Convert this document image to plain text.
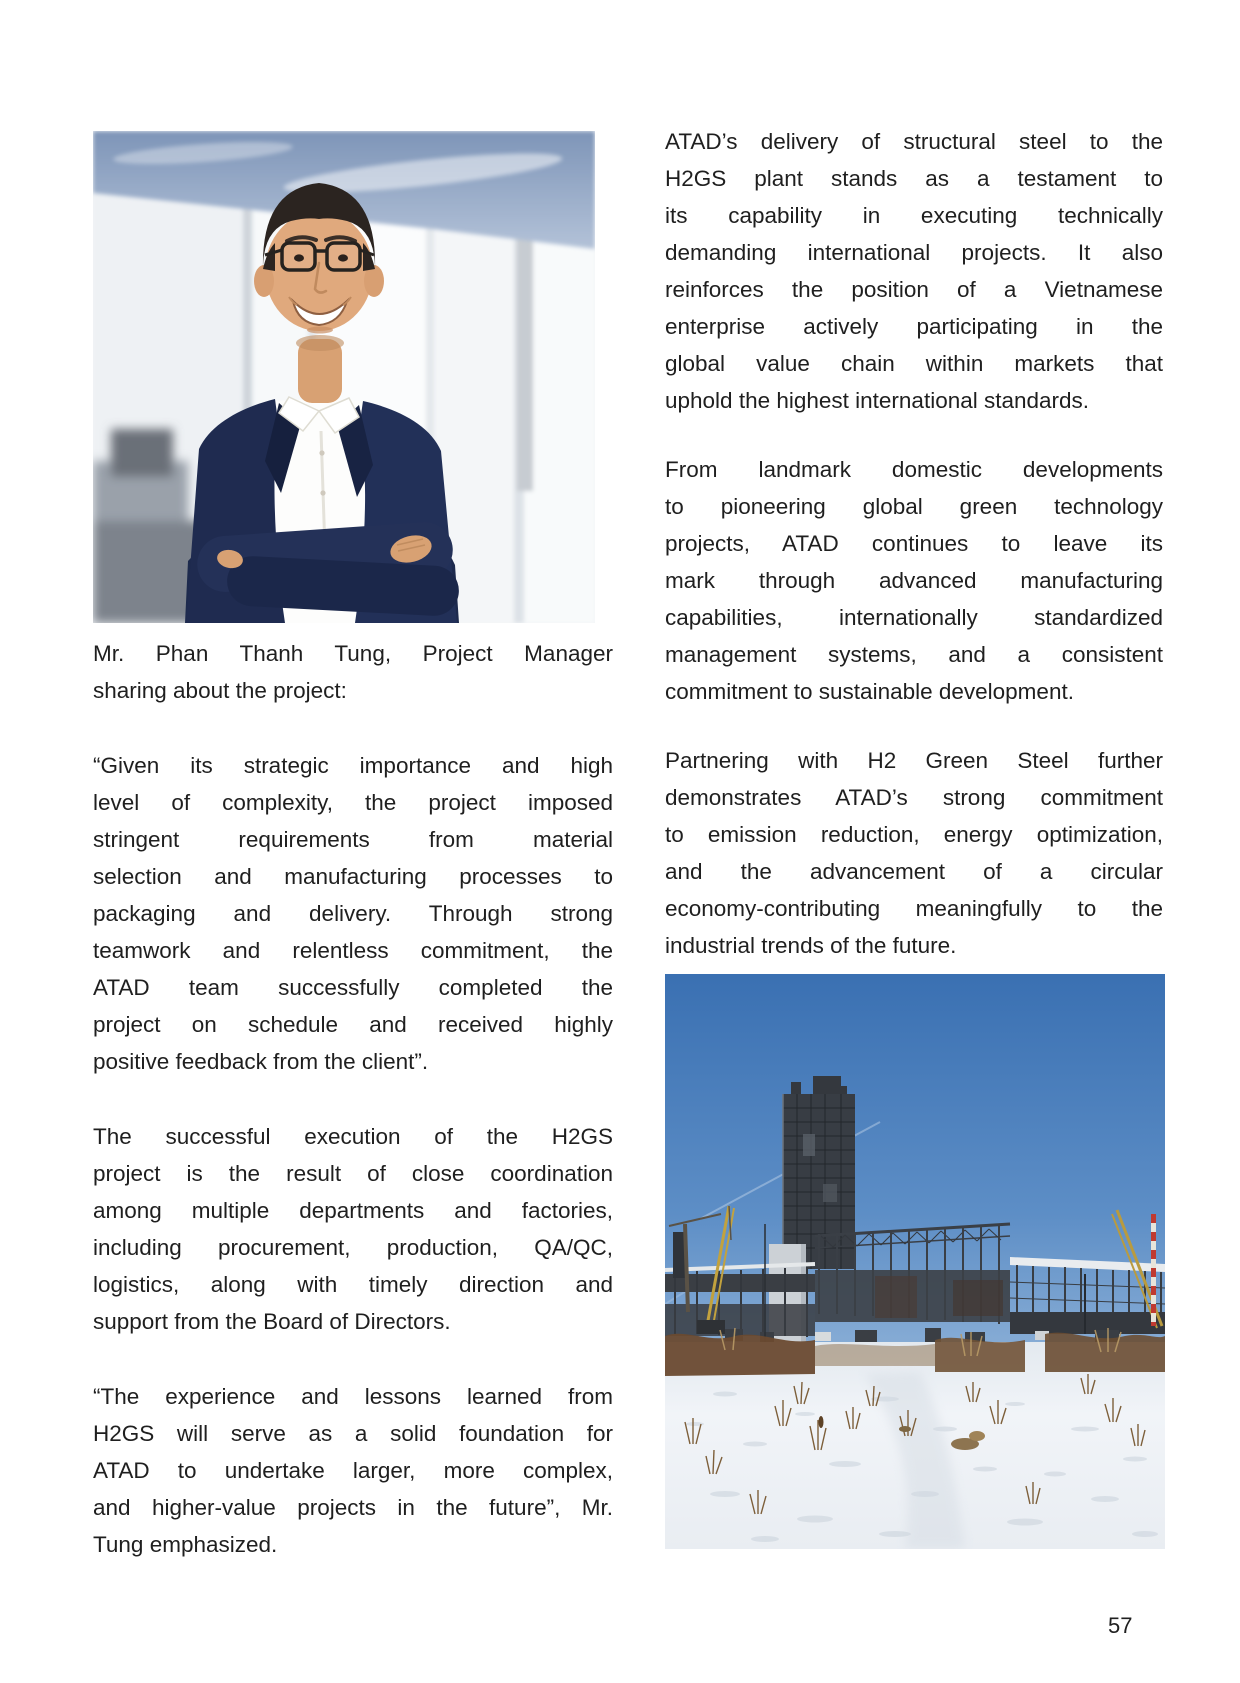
Mr. Phan Thanh Tung, Project Manager
sharing about the project:
“Given its strategic importance and high
level of complexity, the project imposed
stringent requirements from material
selection and manufacturing processes to
packaging and delivery. Through strong
teamwork and relentless commitment, the
ATAD team successfully completed the
project on schedule and received highly
positive feedback from the client”.
The successful execution of the H2GS
project is the result of close coordination
among multiple departments and factories,
including procurement, production, QA/QC,
logistics, along with timely direction and
support from the Board of Directors.
“The experience and lessons learned from
H2GS will serve as a solid foundation for
ATAD to undertake larger, more complex,
and higher-value projects in the future”, Mr.
Tung emphasized.
ATAD’s delivery of structural steel to the
H2GS plant stands as a testament to
its capability in executing technically
demanding international projects. It also
reinforces the position of a Vietnamese
enterprise actively participating in the
global value chain within markets that
uphold the highest international standards.
From landmark domestic developments
to pioneering global green technology
projects, ATAD continues to leave its
mark through advanced manufacturing
capabilities, internationally standardized
management systems, and a consistent
commitment to sustainable development.
Partnering with H2 Green Steel further
demonstrates ATAD’s strong commitment
to emission reduction, energy optimization,
and the advancement of a circular
economy-contributing meaningfully to the
industrial trends of the future.
57
